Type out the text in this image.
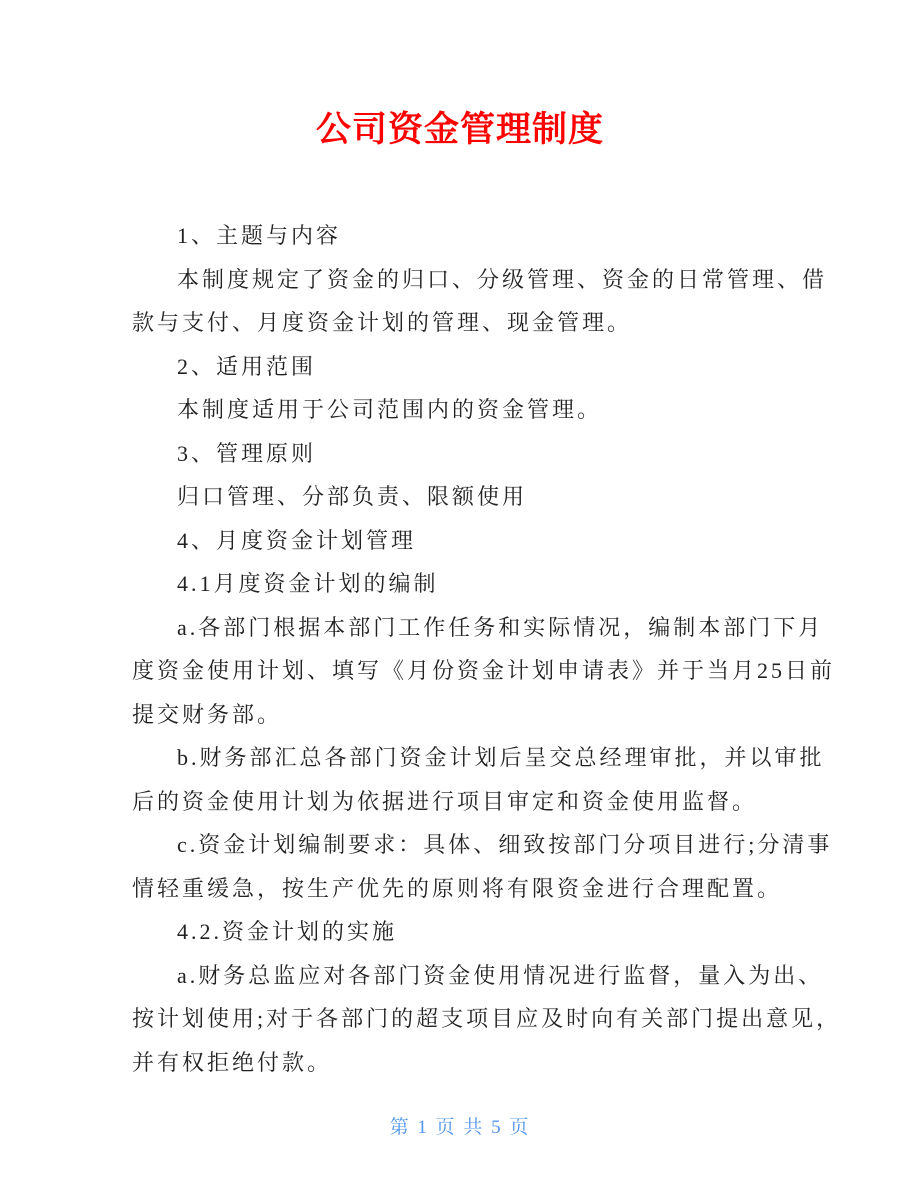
公司资金管理制度
1、主题与内容
本制度规定了资金的归口、分级管理、资金的日常管理、借
款与支付、月度资金计划的管理、现金管理。
2、适用范围
本制度适用于公司范围内的资金管理。
3、管理原则
归口管理、分部负责、限额使用
4、月度资金计划管理
4.1月度资金计划的编制
a.各部门根据本部门工作任务和实际情况，编制本部门下月
度资金使用计划、填写《月份资金计划申请表》并于当月25日前
提交财务部。
b.财务部汇总各部门资金计划后呈交总经理审批，并以审批
后的资金使用计划为依据进行项目审定和资金使用监督。
c.资金计划编制要求：具体、细致按部门分项目进行;分清事
情轻重缓急，按生产优先的原则将有限资金进行合理配置。
4.2.资金计划的实施
a.财务总监应对各部门资金使用情况进行监督，量入为出、
按计划使用;对于各部门的超支项目应及时向有关部门提出意见，
并有权拒绝付款。
第 1 页 共 5 页
